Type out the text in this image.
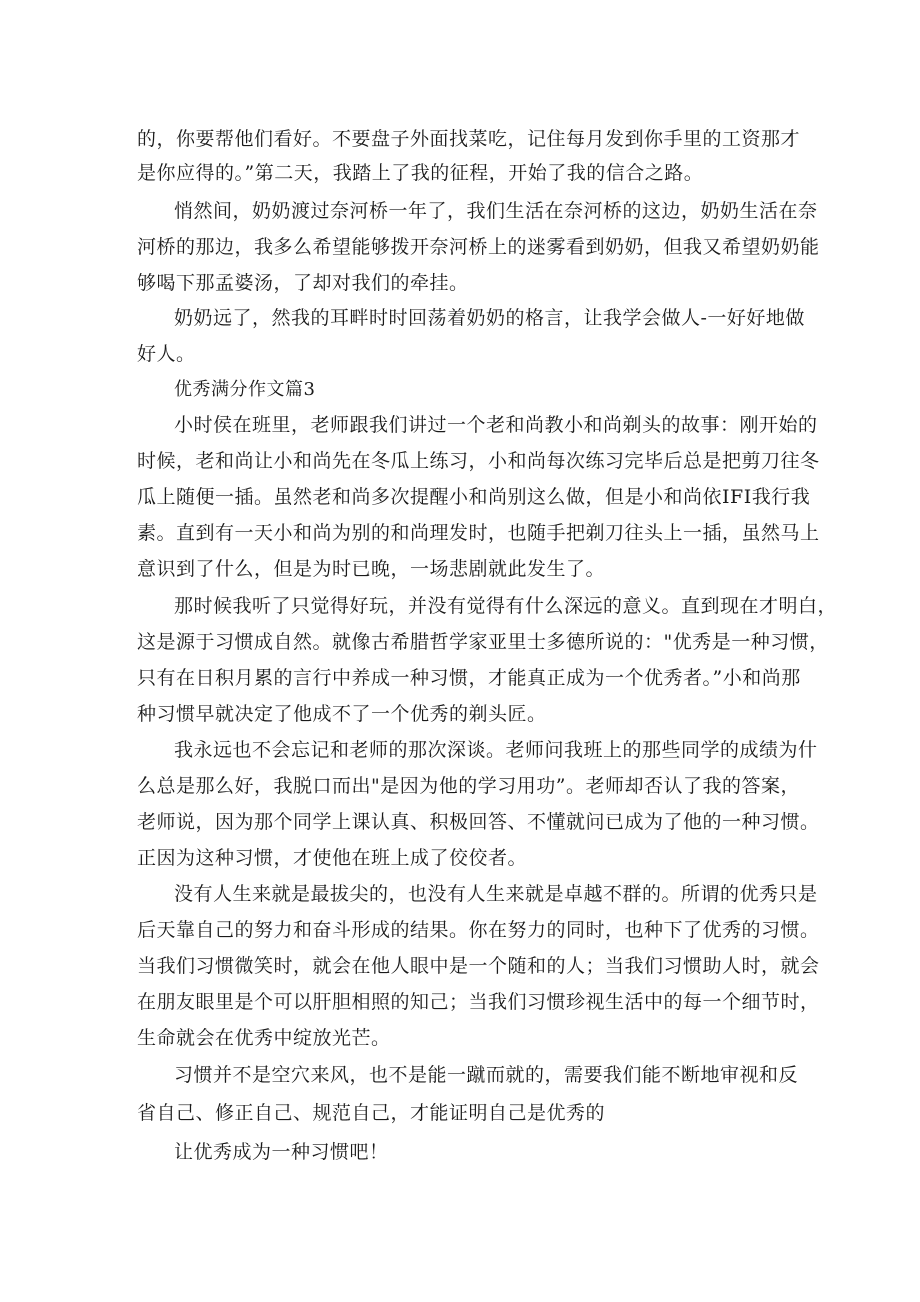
的，你要帮他们看好。不要盘子外面找菜吃，记住每月发到你手里的工资那才
是你应得的。”第二天，我踏上了我的征程，开始了我的信合之路。
悄然间，奶奶渡过奈河桥一年了，我们生活在奈河桥的这边，奶奶生活在奈
河桥的那边，我多么希望能够拨开奈河桥上的迷雾看到奶奶，但我又希望奶奶能
够喝下那孟婆汤，了却对我们的牵挂。
奶奶远了，然我的耳畔时时回荡着奶奶的格言，让我学会做人-一好好地做
好人。
优秀满分作文篇3
小时侯在班里，老师跟我们讲过一个老和尚教小和尚剃头的故事：刚开始的
时候，老和尚让小和尚先在冬瓜上练习，小和尚每次练习完毕后总是把剪刀往冬
瓜上随便一插。虽然老和尚多次提醒小和尚别这么做，但是小和尚依IFI我行我
素。直到有一天小和尚为别的和尚理发时，也随手把剃刀往头上一插，虽然马上
意识到了什么，但是为时已晚，一场悲剧就此发生了。
那时候我听了只觉得好玩，并没有觉得有什么深远的意义。直到现在才明白，
这是源于习惯成自然。就像古希腊哲学家亚里士多德所说的："优秀是一种习惯，
只有在日积月累的言行中养成一种习惯，才能真正成为一个优秀者。”小和尚那
种习惯早就决定了他成不了一个优秀的剃头匠。
我永远也不会忘记和老师的那次深谈。老师问我班上的那些同学的成绩为什
么总是那么好，我脱口而出"是因为他的学习用功”。老师却否认了我的答案，
老师说，因为那个同学上课认真、积极回答、不懂就问已成为了他的一种习惯。
正因为这种习惯，才使他在班上成了佼佼者。
没有人生来就是最拔尖的，也没有人生来就是卓越不群的。所谓的优秀只是
后天靠自己的努力和奋斗形成的结果。你在努力的同时，也种下了优秀的习惯。
当我们习惯微笑时，就会在他人眼中是一个随和的人；当我们习惯助人时，就会
在朋友眼里是个可以肝胆相照的知己；当我们习惯珍视生活中的每一个细节时，
生命就会在优秀中绽放光芒。
习惯并不是空穴来风，也不是能一蹴而就的，需要我们能不断地审视和反
省自己、修正自己、规范自己，才能证明自己是优秀的
让优秀成为一种习惯吧！
